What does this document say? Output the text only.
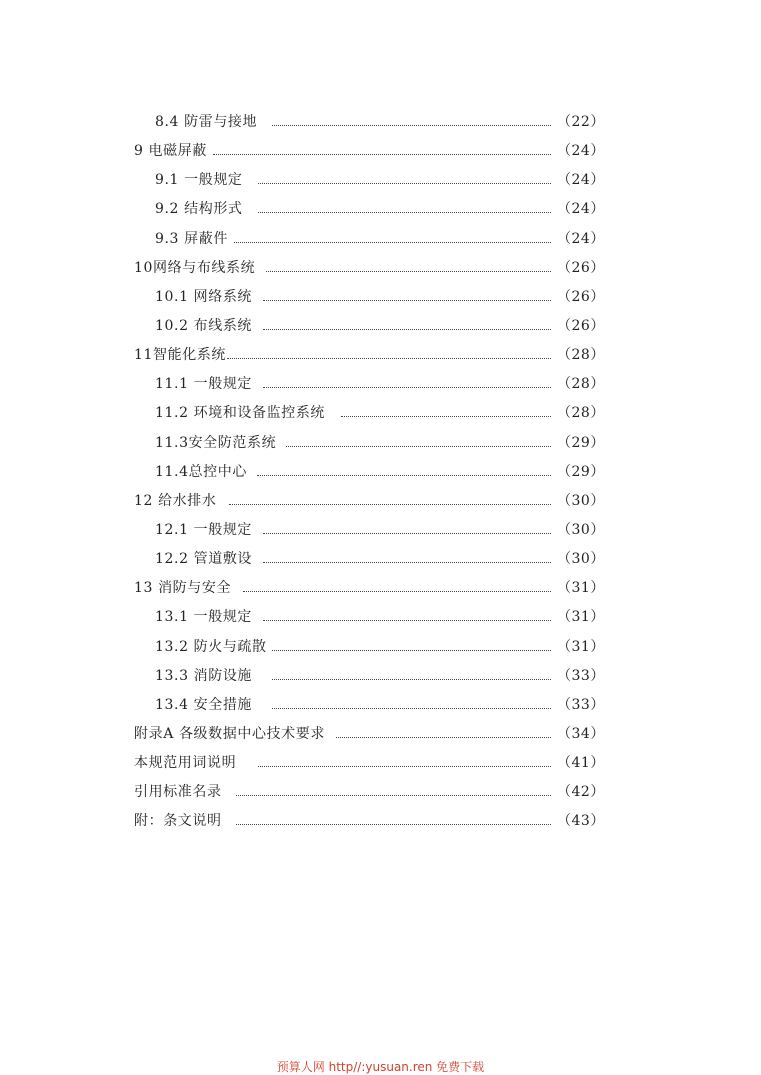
8.4 防雷与接地	（22）
9 电磁屏蔽	（24）
9.1 一般规定	（24）
9.2 结构形式	（24）
9.3 屏蔽件	（24）
10网络与布线系统	（26）
10.1 网络系统	（26）
10.2 布线系统	（26）
11智能化系统	（28）
11.1 一般规定	（28）
11.2 环境和设备监控系统	（28）
11.3安全防范系统	（29）
11.4总控中心	（29）
12 给水排水	（30）
12.1 一般规定	（30）
12.2 管道敷设	（30）
13 消防与安全	（31）
13.1 一般规定	（31）
13.2 防火与疏散	（31）
13.3 消防设施	（33）
13.4 安全措施	（33）
附录A 各级数据中心技术要求	（34）
本规范用词说明	（41）
引用标准名录	（42）
附：条文说明	（43）
预算人网 http//:yusuan.ren 免费下载
